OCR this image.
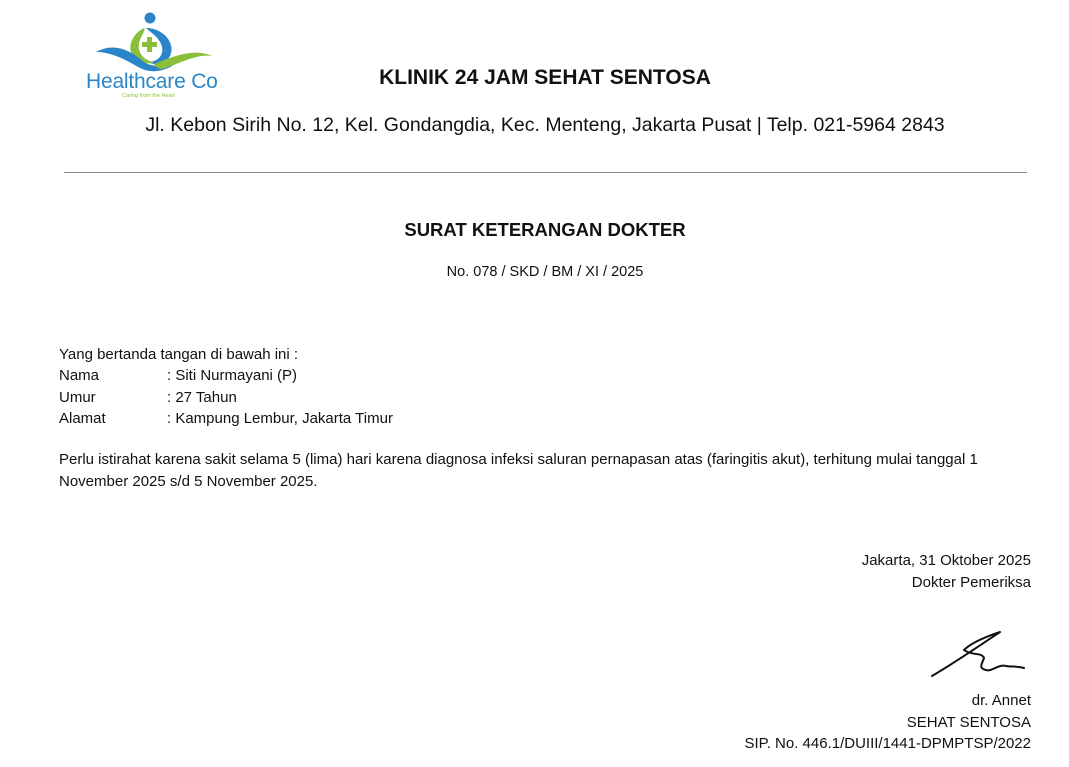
Healthcare Co
Caring from the Heart
KLINIK 24 JAM SEHAT SENTOSA
Jl. Kebon Sirih No. 12, Kel. Gondangdia, Kec. Menteng, Jakarta Pusat | Telp. 021-5964 2843
SURAT KETERANGAN DOKTER
No. 078 / SKD / BM / XI / 2025
Yang bertanda tangan di bawah ini :
Nama	: Siti Nurmayani (P)
Umur	: 27 Tahun
Alamat	: Kampung Lembur, Jakarta Timur
Perlu istirahat karena sakit selama 5 (lima) hari karena diagnosa infeksi saluran pernapasan atas (faringitis akut), terhitung mulai tanggal 1 November 2025 s/d 5 November 2025.
Jakarta, 31 Oktober 2025
Dokter Pemeriksa
dr. Annet
SEHAT SENTOSA
SIP. No. 446.1/DUIII/1441-DPMPTSP/2022
